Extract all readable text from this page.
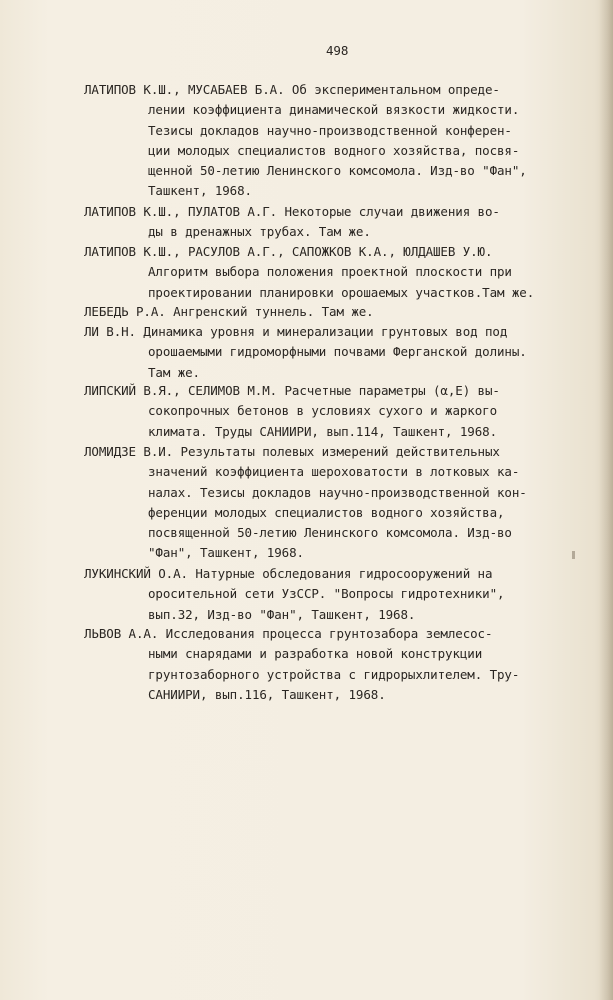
498
ЛАТИПОВ К.Ш., МУСАБАЕВ Б.А. Об экспериментальном опреде-
лении коэффициента динамической вязкости жидкости.
Тезисы докладов научно-производственной конферен-
ции молодых специалистов водного хозяйства, посвя-
щенной 50-летию Ленинского комсомола. Изд-во "Фан",
Ташкент, 1968.
ЛАТИПОВ К.Ш., ПУЛАТОВ А.Г. Некоторые случаи движения во-
ды в дренажных трубах. Там же.
ЛАТИПОВ К.Ш., РАСУЛОВ А.Г., САПОЖКОВ К.А., ЮЛДАШЕВ У.Ю.
Алгоритм выбора положения проектной плоскости при
проектировании планировки орошаемых участков.Там же.
ЛЕБЕДЬ Р.А. Ангренский туннель. Там же.
ЛИ В.Н. Динамика уровня и минерализации грунтовых вод под
орошаемыми гидроморфными почвами Ферганской долины.
Там же.
ЛИПСКИЙ В.Я., СЕЛИМОВ М.М. Расчетные параметры (α,E) вы-
сокопрочных бетонов в условиях сухого и жаркого
климата. Труды САНИИРИ, вып.114, Ташкент, 1968.
ЛОМИДЗЕ В.И. Результаты полевых измерений действительных
значений коэффициента шероховатости в лотковых ка-
налах. Тезисы докладов научно-производственной кон-
ференции молодых специалистов водного хозяйства,
посвященной 50-летию Ленинского комсомола. Изд-во
"Фан", Ташкент, 1968.
ЛУКИНСКИЙ О.А. Натурные обследования гидросооружений на
оросительной сети УзССР. "Вопросы гидротехники",
вып.32, Изд-во "Фан", Ташкент, 1968.
ЛЬВОВ А.А. Исследования процесса грунтозабора землесос-
ными снарядами и разработка новой конструкции
грунтозаборного устройства с гидрорыхлителем. Тру-
САНИИРИ, вып.116, Ташкент, 1968.
